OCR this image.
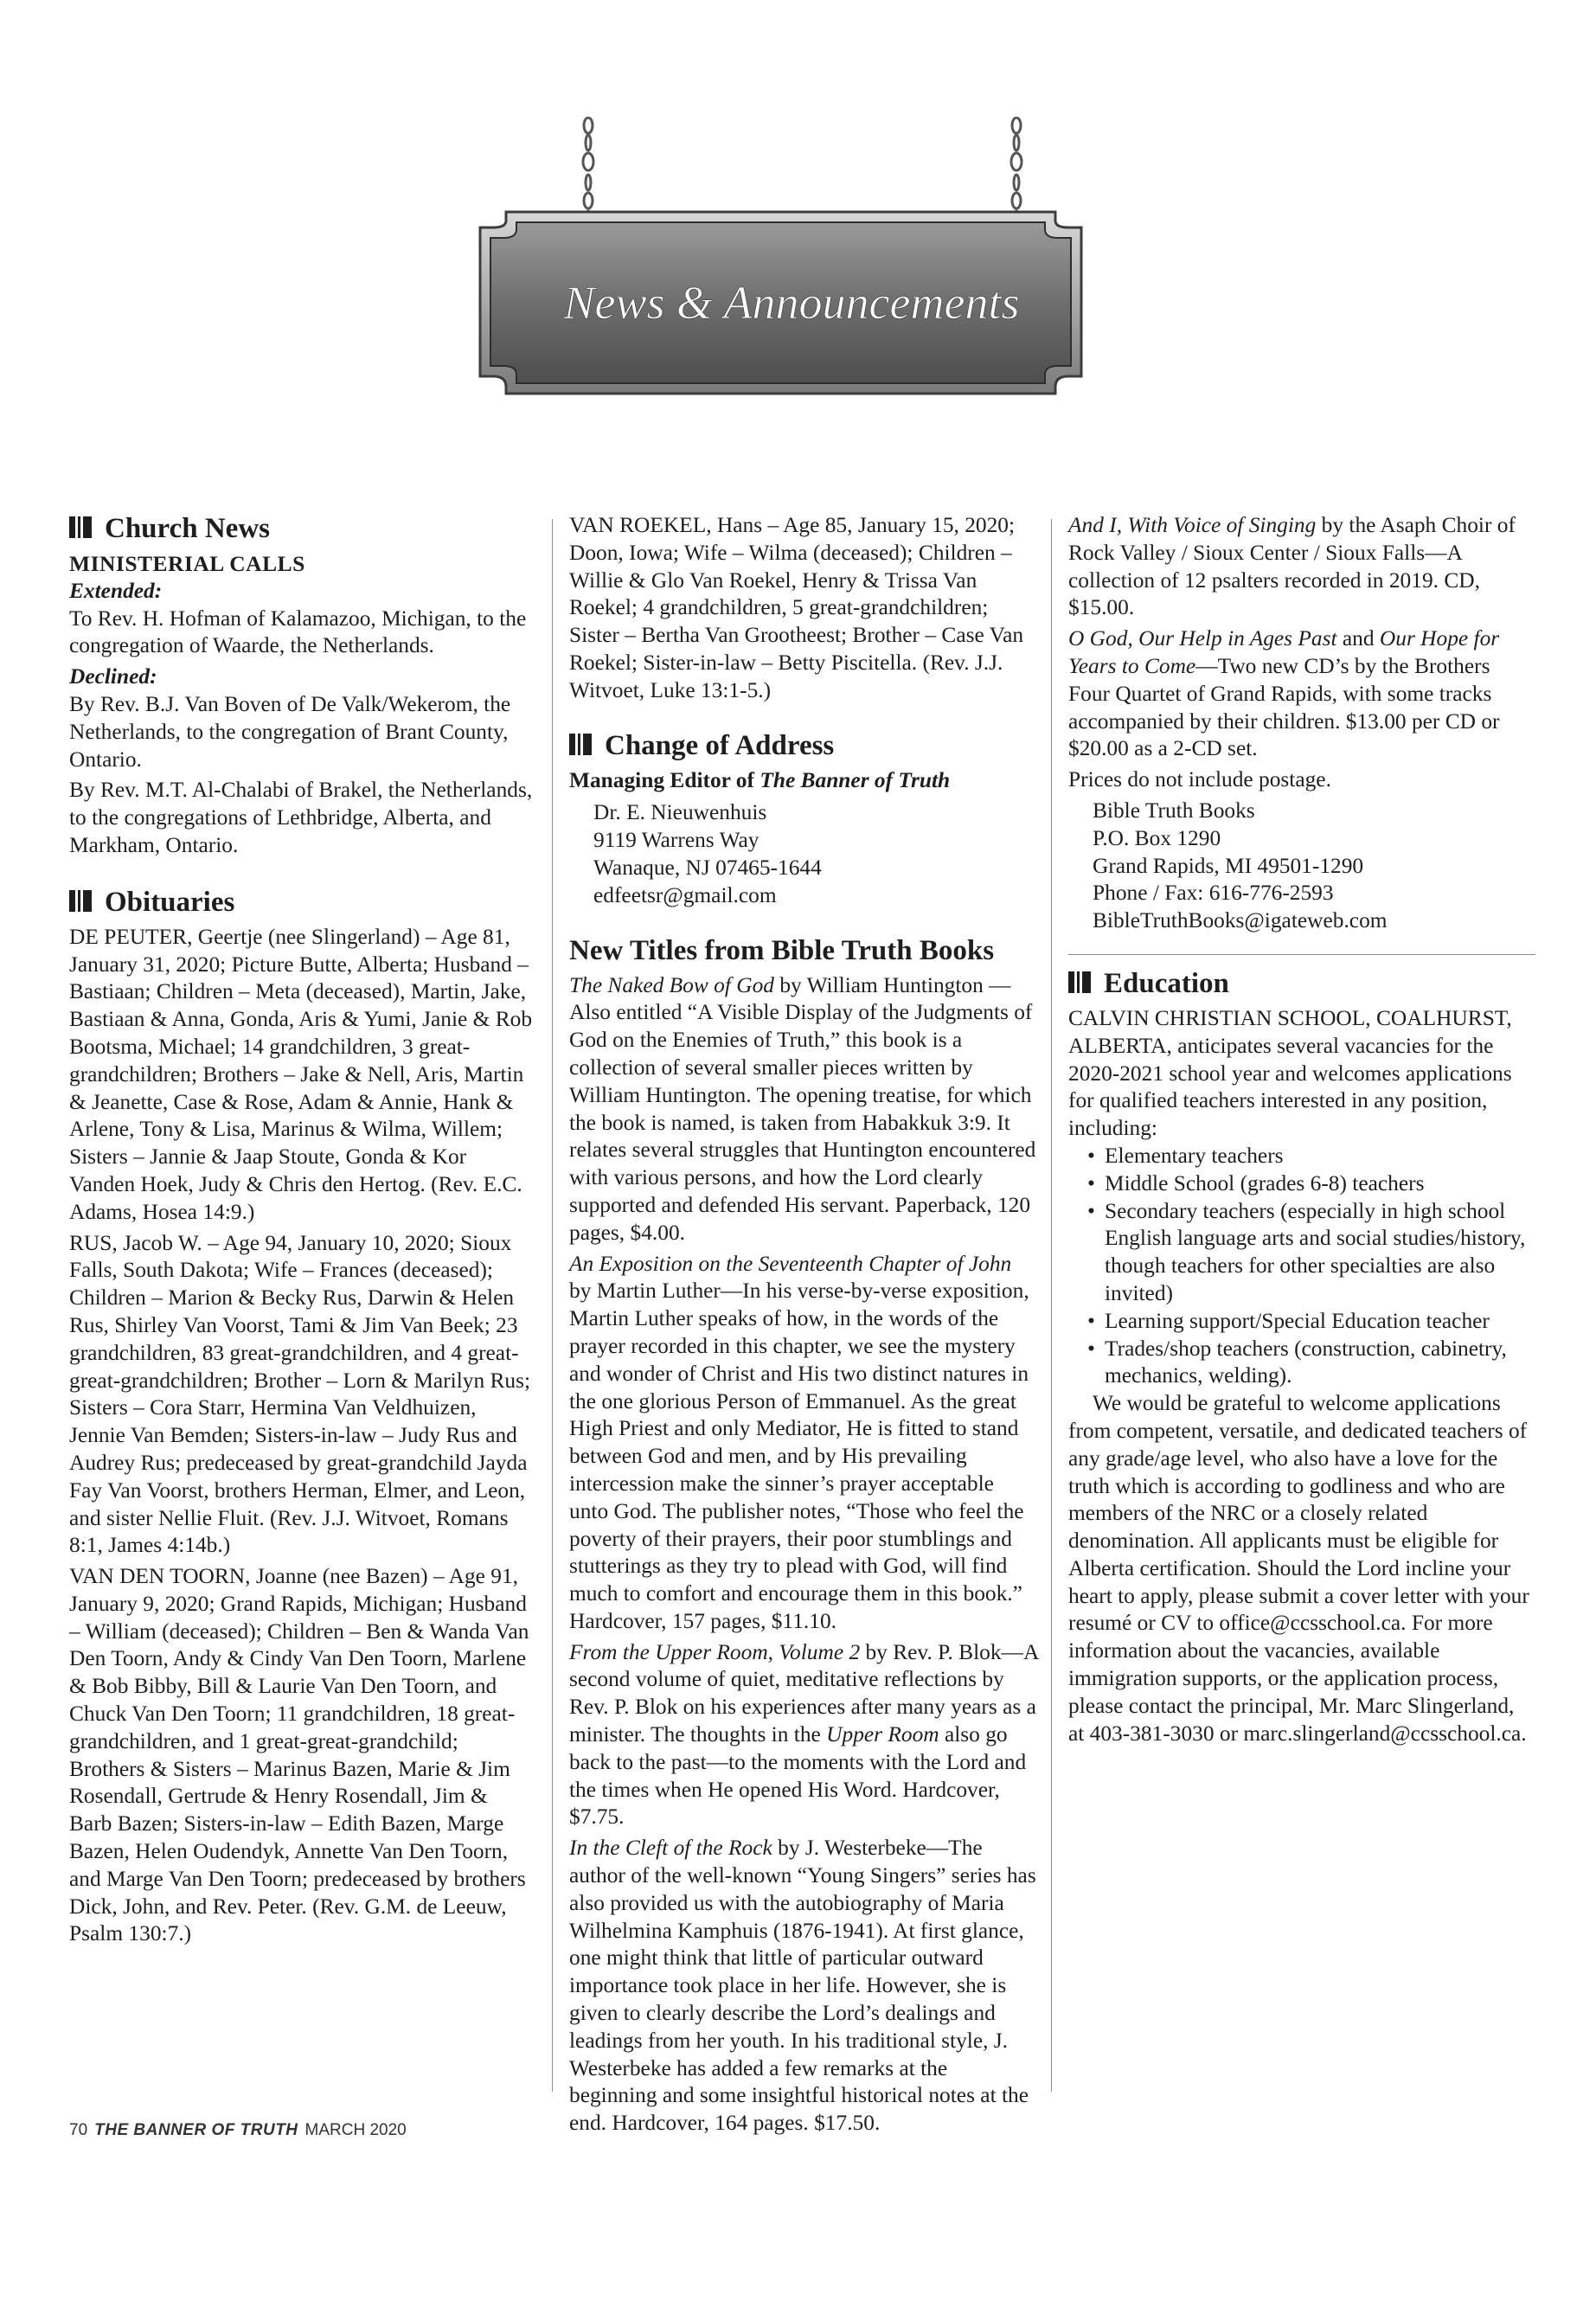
News & Announcements
Church News
MINISTERIAL CALLS
Extended:

To Rev. H. Hofman of Kalamazoo, Michigan, to the congregation of Waarde, the Netherlands.

Declined:

By Rev. B.J. Van Boven of De Valk/Wekerom, the Netherlands, to the congregation of Brant County, Ontario.

By Rev. M.T. Al-Chalabi of Brakel, the Netherlands, to the congregations of Lethbridge, Alberta, and Markham, Ontario.

Obituaries

DE PEUTER, Geertje (nee Slingerland) – Age 81, January 31, 2020; Picture Butte, Alberta; Husband – Bastiaan; Children – Meta (deceased), Martin, Jake, Bastiaan & Anna, Gonda, Aris & Yumi, Janie & Rob Bootsma, Michael; 14 grandchildren, 3 great-grandchildren; Brothers – Jake & Nell, Aris, Martin & Jeanette, Case & Rose, Adam & Annie, Hank & Arlene, Tony & Lisa, Marinus & Wilma, Willem; Sisters – Jannie & Jaap Stoute, Gonda & Kor Vanden Hoek, Judy & Chris den Hertog. (Rev. E.C. Adams, Hosea 14:9.)

RUS, Jacob W. – Age 94, January 10, 2020; Sioux Falls, South Dakota; Wife – Frances (deceased); Children – Marion & Becky Rus, Darwin & Helen Rus, Shirley Van Voorst, Tami & Jim Van Beek; 23 grandchildren, 83 great-grandchildren, and 4 great-great-grandchildren; Brother – Lorn & Marilyn Rus; Sisters – Cora Starr, Hermina Van Veldhuizen, Jennie Van Bemden; Sisters-in-law – Judy Rus and Audrey Rus; predeceased by great-grandchild Jayda Fay Van Voorst, brothers Herman, Elmer, and Leon, and sister Nellie Fluit. (Rev. J.J. Witvoet, Romans 8:1, James 4:14b.)

VAN DEN TOORN, Joanne (nee Bazen) – Age 91, January 9, 2020; Grand Rapids, Michigan; Husband – William (deceased); Children – Ben & Wanda Van Den Toorn, Andy & Cindy Van Den Toorn, Marlene & Bob Bibby, Bill & Laurie Van Den Toorn, and Chuck Van Den Toorn; 11 grandchildren, 18 great-grandchildren, and 1 great-great-grandchild; Brothers & Sisters – Marinus Bazen, Marie & Jim Rosendall, Gertrude & Henry Rosendall, Jim & Barb Bazen; Sisters-in-law – Edith Bazen, Marge Bazen, Helen Oudendyk, Annette Van Den Toorn, and Marge Van Den Toorn; predeceased by brothers Dick, John, and Rev. Peter. (Rev. G.M. de Leeuw, Psalm 130:7.)

VAN ROEKEL, Hans – Age 85, January 15, 2020; Doon, Iowa; Wife – Wilma (deceased); Children – Willie & Glo Van Roekel, Henry & Trissa Van Roekel; 4 grandchildren, 5 great-grandchildren; Sister – Bertha Van Grootheest; Brother – Case Van Roekel; Sister-in-law – Betty Piscitella. (Rev. J.J. Witvoet, Luke 13:1-5.)

Change of Address
Managing Editor of The Banner of Truth
Dr. E. Nieuwenhuis
9119 Warrens Way
Wanaque, NJ 07465-1644
edfeetsr@gmail.com
New Titles from Bible Truth Books

The Naked Bow of God by William Huntington —Also entitled “A Visible Display of the Judgments of God on the Enemies of Truth,” this book is a collection of several smaller pieces written by William Huntington. The opening treatise, for which the book is named, is taken from Habakkuk 3:9. It relates several struggles that Huntington encountered with various persons, and how the Lord clearly supported and defended His servant. Paperback, 120 pages, $4.00.

An Exposition on the Seventeenth Chapter of John by Martin Luther—In his verse-by-verse exposition, Martin Luther speaks of how, in the words of the prayer recorded in this chapter, we see the mystery and wonder of Christ and His two distinct natures in the one glorious Person of Emmanuel. As the great High Priest and only Mediator, He is fitted to stand between God and men, and by His prevailing intercession make the sinner’s prayer acceptable unto God. The publisher notes, “Those who feel the poverty of their prayers, their poor stumblings and stutterings as they try to plead with God, will find much to comfort and encourage them in this book.” Hardcover, 157 pages, $11.10.

From the Upper Room, Volume 2 by Rev. P. Blok—A second volume of quiet, meditative reflections by Rev. P. Blok on his experiences after many years as a minister. The thoughts in the Upper Room also go back to the past—to the moments with the Lord and the times when He opened His Word. Hardcover, $7.75.

In the Cleft of the Rock by J. Westerbeke—The author of the well-known “Young Singers” series has also provided us with the autobiography of Maria Wilhelmina Kamphuis (1876-1941). At first glance, one might think that little of particular outward importance took place in her life. However, she is given to clearly describe the Lord’s dealings and leadings from her youth. In his traditional style, J. Westerbeke has added a few remarks at the beginning and some insightful historical notes at the end. Hardcover, 164 pages. $17.50.

And I, With Voice of Singing by the Asaph Choir of Rock Valley / Sioux Center / Sioux Falls—A collection of 12 psalters recorded in 2019. CD, $15.00.

O God, Our Help in Ages Past and Our Hope for Years to Come—Two new CD’s by the Brothers Four Quartet of Grand Rapids, with some tracks accompanied by their children. $13.00 per CD or $20.00 as a 2-CD set.

Prices do not include postage.

Bible Truth Books
P.O. Box 1290
Grand Rapids, MI 49501-1290
Phone / Fax: 616-776-2593
BibleTruthBooks@igateweb.com
Education

CALVIN CHRISTIAN SCHOOL, COALHURST, ALBERTA, anticipates several vacancies for the 2020-2021 school year and welcomes applications for qualified teachers interested in any position, including:

• Elementary teachers
• Middle School (grades 6-8) teachers
• Secondary teachers (especially in high school English language arts and social studies/history, though teachers for other specialties are also invited)
• Learning support/Special Education teacher
• Trades/shop teachers (construction, cabinetry, mechanics, welding).

We would be grateful to welcome applications from competent, versatile, and dedicated teachers of any grade/age level, who also have a love for the truth which is according to godliness and who are members of the NRC or a closely related denomination. All applicants must be eligible for Alberta certification. Should the Lord incline your heart to apply, please submit a cover letter with your resumé or CV to office@ccsschool.ca. For more information about the vacancies, available immigration supports, or the application process, please contact the principal, Mr. Marc Slingerland, at 403-381-3030 or marc.slingerland@ccsschool.ca.

70 THE BANNER OF TRUTH MARCH 2020
